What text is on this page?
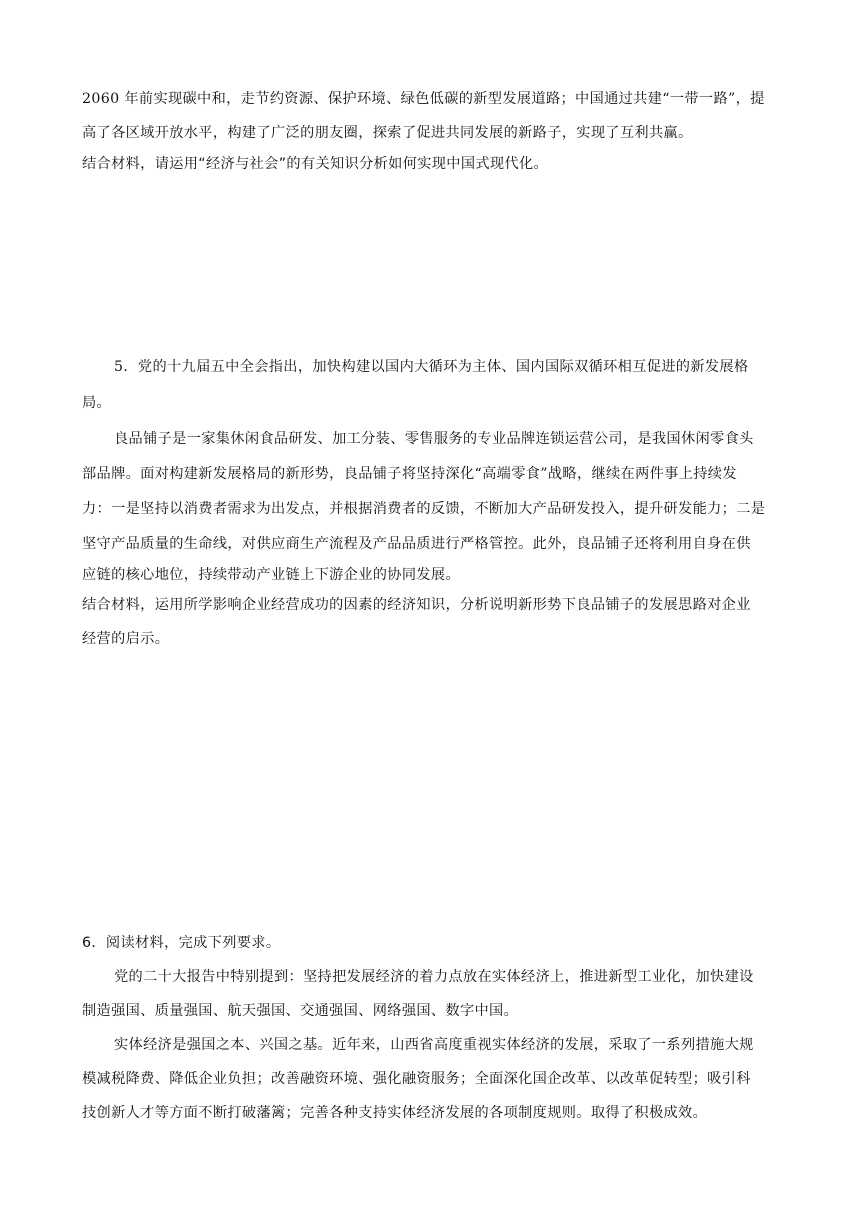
2060 年前实现碳中和，走节约资源、保护环境、绿色低碳的新型发展道路；中国通过共建“一带一路”，提
高了各区域开放水平，构建了广泛的朋友圈，探索了促进共同发展的新路子，实现了互利共赢。
结合材料，请运用“经济与社会”的有关知识分析如何实现中国式现代化。
5．党的十九届五中全会指出，加快构建以国内大循环为主体、国内国际双循环相互促进的新发展格
局。
良品铺子是一家集休闲食品研发、加工分装、零售服务的专业品牌连锁运营公司，是我国休闲零食头
部品牌。面对构建新发展格局的新形势，良品铺子将坚持深化“高端零食”战略，继续在两件事上持续发
力：一是坚持以消费者需求为出发点，并根据消费者的反馈，不断加大产品研发投入，提升研发能力；二是
坚守产品质量的生命线，对供应商生产流程及产品品质进行严格管控。此外，良品铺子还将利用自身在供
应链的核心地位，持续带动产业链上下游企业的协同发展。
结合材料，运用所学影响企业经营成功的因素的经济知识，分析说明新形势下良品铺子的发展思路对企业
经营的启示。
6．阅读材料，完成下列要求。
党的二十大报告中特别提到：坚持把发展经济的着力点放在实体经济上，推进新型工业化，加快建设
制造强国、质量强国、航天强国、交通强国、网络强国、数字中国。
实体经济是强国之本、兴国之基。近年来，山西省高度重视实体经济的发展，采取了一系列措施大规
模减税降费、降低企业负担；改善融资环境、强化融资服务；全面深化国企改革、以改革促转型；吸引科
技创新人才等方面不断打破藩篱；完善各种支持实体经济发展的各项制度规则。取得了积极成效。
